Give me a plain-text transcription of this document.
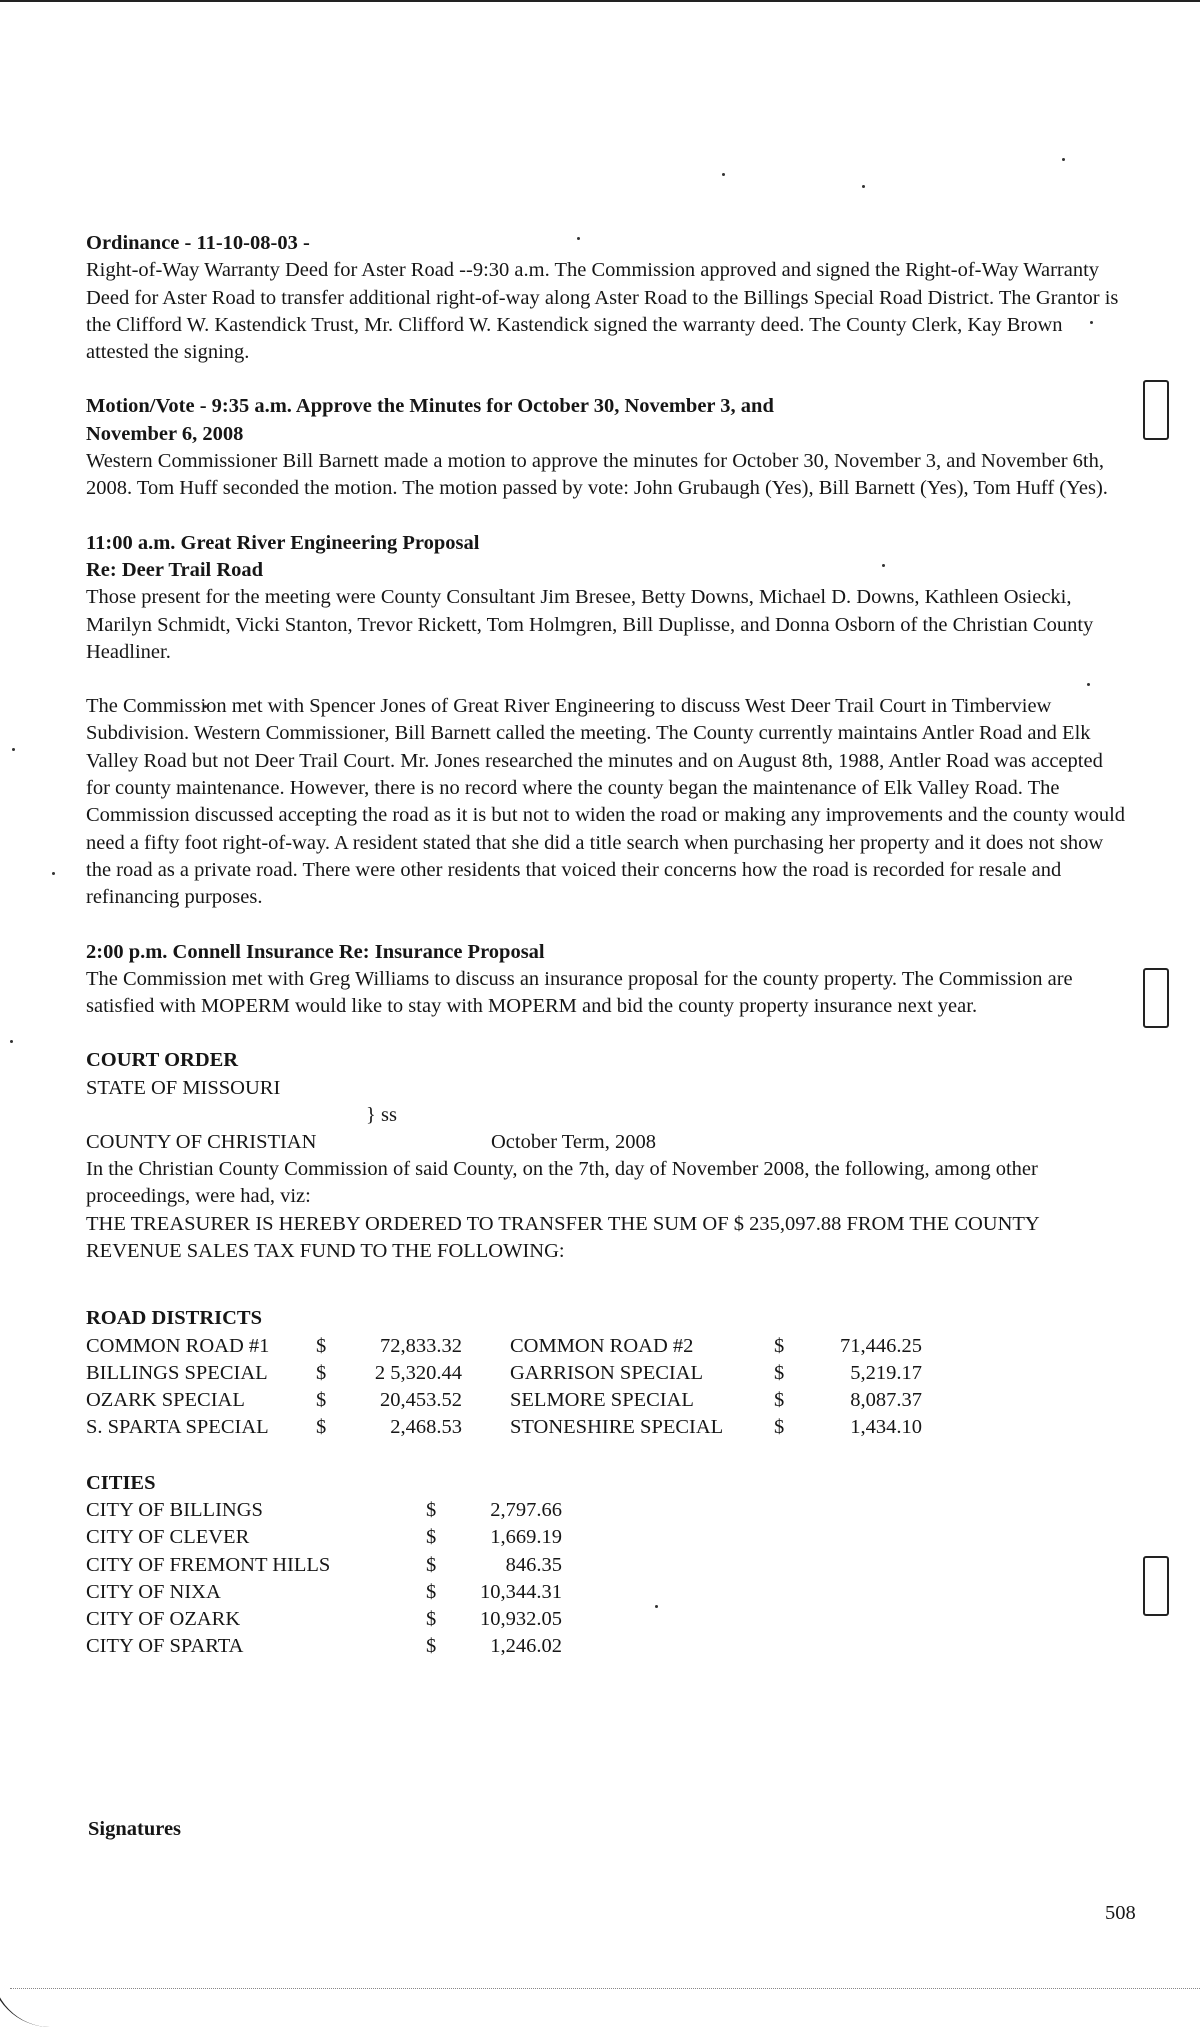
Ordinance - 11-10-08-03 -

Right-of-Way Warranty Deed for Aster Road --9:30 a.m. The Commission approved and signed the Right-of-Way Warranty Deed for Aster Road to transfer additional right-of-way along Aster Road to the Billings Special Road District. The Grantor is the Clifford W. Kastendick Trust, Mr. Clifford W. Kastendick signed the warranty deed. The County Clerk, Kay Brown attested the signing.

Motion/Vote - 9:35 a.m. Approve the Minutes for October 30, November 3, and

November 6, 2008

Western Commissioner Bill Barnett made a motion to approve the minutes for October 30, November 3, and November 6th, 2008. Tom Huff seconded the motion. The motion passed by vote: John Grubaugh (Yes), Bill Barnett (Yes), Tom Huff (Yes).

11:00 a.m. Great River Engineering Proposal

Re: Deer Trail Road

Those present for the meeting were County Consultant Jim Bresee, Betty Downs, Michael D. Downs, Kathleen Osiecki, Marilyn Schmidt, Vicki Stanton, Trevor Rickett, Tom Holmgren, Bill Duplisse, and Donna Osborn of the Christian County Headliner.

The Commission met with Spencer Jones of Great River Engineering to discuss West Deer Trail Court in Timberview Subdivision. Western Commissioner, Bill Barnett called the meeting. The County currently maintains Antler Road and Elk Valley Road but not Deer Trail Court. Mr. Jones researched the minutes and on August 8th, 1988, Antler Road was accepted for county maintenance. However, there is no record where the county began the maintenance of Elk Valley Road. The Commission discussed accepting the road as it is but not to widen the road or making any improvements and the county would need a fifty foot right-of-way. A resident stated that she did a title search when purchasing her property and it does not show the road as a private road. There were other residents that voiced their concerns how the road is recorded for resale and refinancing purposes.

2:00 p.m. Connell Insurance Re: Insurance Proposal

The Commission met with Greg Williams to discuss an insurance proposal for the county property. The Commission are satisfied with MOPERM would like to stay with MOPERM and bid the county property insurance next year.

COURT ORDER
STATE OF MISSOURI
} ss
COUNTY OF CHRISTIAN	October Term, 2008
In the Christian County Commission of said County, on the 7th, day of November 2008, the following, among other proceedings, were had, viz:
THE TREASURER IS HEREBY ORDERED TO TRANSFER THE SUM OF $ 235,097.88 FROM THE COUNTY REVENUE SALES TAX FUND TO THE FOLLOWING:
ROAD DISTRICTS
COMMON ROAD #1	$	72,833.32	COMMON ROAD #2	$	71,446.25
BILLINGS SPECIAL	$	2 5,320.44	GARRISON SPECIAL	$	5,219.17
OZARK SPECIAL	$	20,453.52	SELMORE SPECIAL	$	8,087.37
S. SPARTA SPECIAL	$	2,468.53	STONESHIRE SPECIAL	$	1,434.10
CITIES
CITY OF BILLINGS	$	2,797.66
CITY OF CLEVER	$	1,669.19
CITY OF FREMONT HILLS	$	846.35
CITY OF NIXA	$	10,344.31
CITY OF OZARK	$	10,932.05
CITY OF SPARTA	$	1,246.02
Signatures
508
